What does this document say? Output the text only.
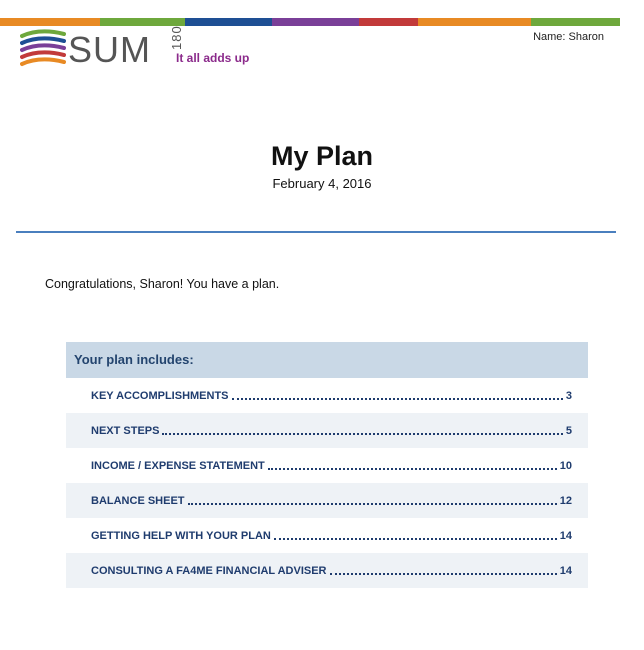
SUM 180
It all adds up
Name: Sharon
My Plan
February 4, 2016
Congratulations, Sharon! You have a plan.
Your plan includes:
KEY ACCOMPLISHMENTS	3
NEXT STEPS	5
INCOME / EXPENSE STATEMENT	10
BALANCE SHEET	12
GETTING HELP WITH YOUR PLAN	14
CONSULTING A FA4ME FINANCIAL ADVISER	14
